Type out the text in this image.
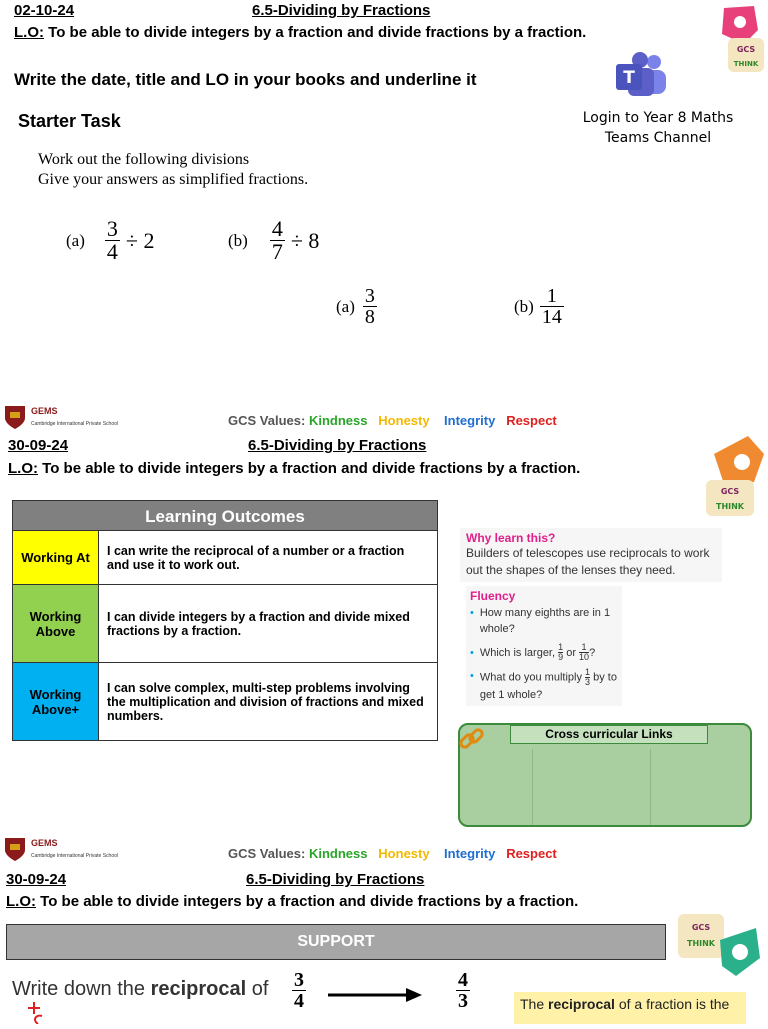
02-10-24	6.5-Dividing by Fractions
L.O: To be able to divide integers by a fraction and divide fractions by a fraction.
GCS
THINK
Write the date, title and LO in your books and underline it	T
Starter Task	Login to Year 8 Maths
Teams Channel
Work out the following divisions
Give your answers as simplified fractions.
$(a) \frac{3}{4} \div 2$	$(b) \frac{4}{7} \div 8$
$(a) \frac{3}{8}$	$(b) \frac{1}{14}$
GEMS
Cambridge International Private School	GCS Values: Kindness Honesty Integrity Respect
30-09-24	6.5-Dividing by Fractions
L.O: To be able to divide integers by a fraction and divide fractions by a fraction.
GCS
THINK
Learning Outcomes
Working At	I can write the reciprocal of a number or a fraction and use it to work out.
Working Above	I can divide integers by a fraction and divide mixed fractions by a fraction.
Working Above+	I can solve complex, multi-step problems involving the multiplication and division of fractions and mixed numbers.
Why learn this?
Builders of telescopes use reciprocals to work out the shapes of the lenses they need.
Fluency
• How many eighths are in 1 whole?
• Which is larger,
$\frac{1}{9}$
or
$\frac{1}{10}$ ?
• What do you multiply $\frac{1}{3}$ by to get 1 whole?
Cross curricular Links
GEMS
Cambridge International Private School	GCS Values: Kindness Honesty Integrity Respect
30-09-24	6.5-Dividing by Fractions
L.O: To be able to divide integers by a fraction and divide fractions by a fraction.
GCS
THINK
SUPPORT
Write down the reciprocal of $\frac{3}{4}$	$\frac{4}{3}$	The reciprocal of a fraction is the
